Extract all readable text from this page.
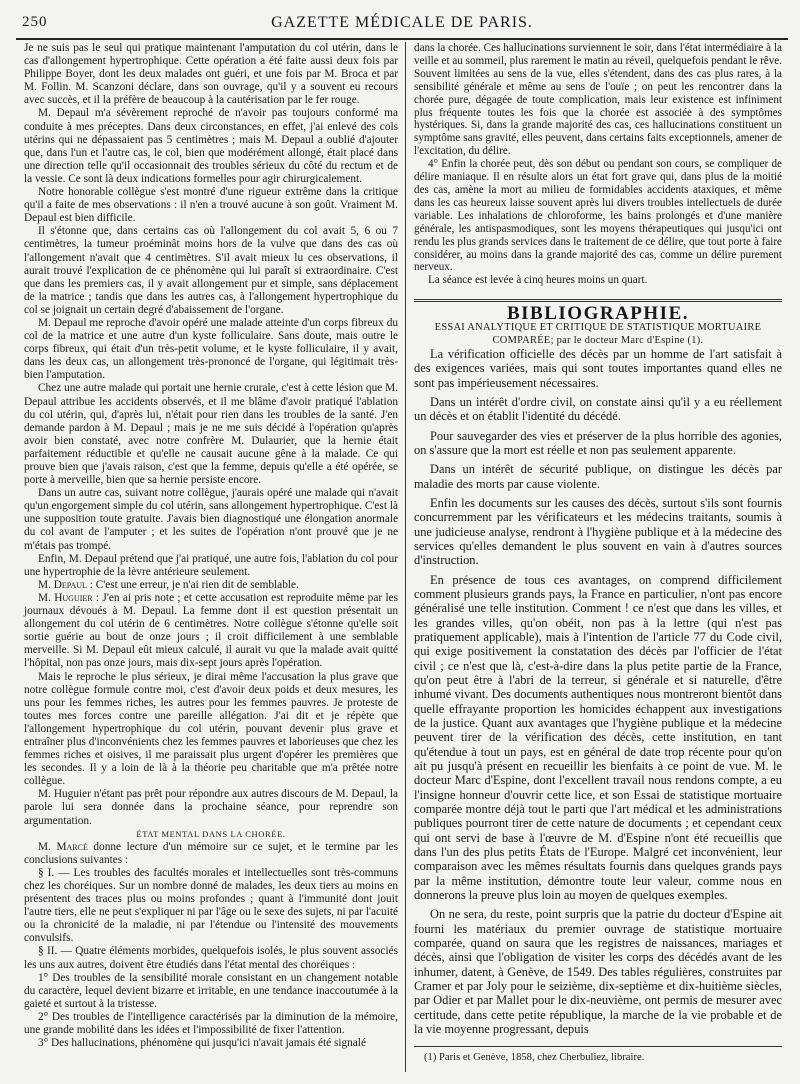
250	GAZETTE MÉDICALE DE PARIS.

Je ne suis pas le seul qui pratique maintenant l'amputation du col utérin, dans le cas d'allongement hypertrophique. Cette opération a été faite aussi deux fois par Philippe Boyer, dont les deux malades ont guéri, et une fois par M. Broca et par M. Follin. M. Scanzoni déclare, dans son ouvrage, qu'il y a souvent eu recours avec succès, et il la préfère de beaucoup à la cautérisation par le fer rouge.

M. Depaul m'a sévèrement reproché de n'avoir pas toujours conformé ma conduite à mes préceptes. Dans deux circonstances, en effet, j'ai enlevé des cols utérins qui ne dépassaient pas 5 centimètres ; mais M. Depaul a oublié d'ajouter que, dans l'un et l'autre cas, le col, bien que modérément allongé, était placé dans une direction telle qu'il occasionnait des troubles sérieux du côté du rectum et de la vessie. Ce sont là deux indications formelles pour agir chirurgicalement.

Notre honorable collègue s'est montré d'une rigueur extrême dans la critique qu'il a faite de mes observations : il n'en a trouvé aucune à son goût. Vraiment M. Depaul est bien difficile.

Il s'étonne que, dans certains cas où l'allongement du col avait 5, 6 ou 7 centimètres, la tumeur proéminât moins hors de la vulve que dans des cas où l'allongement n'avait que 4 centimètres. S'il avait mieux lu ces observations, il aurait trouvé l'explication de ce phénomène qui lui paraît si extraordinaire. C'est que dans les premiers cas, il y avait allongement pur et simple, sans déplacement de la matrice ; tandis que dans les autres cas, à l'allongement hypertrophique du col se joignait un certain degré d'abaissement de l'organe.

M. Depaul me reproche d'avoir opéré une malade atteinte d'un corps fibreux du col de la matrice et une autre d'un kyste folliculaire. Sans doute, mais outre le corps fibreux, qui était d'un très-petit volume, et le kyste folliculaire, il y avait, dans les deux cas, un allongement très-prononcé de l'organe, qui légitimait très-bien l'amputation.

Chez une autre malade qui portait une hernie crurale, c'est à cette lésion que M. Depaul attribue les accidents observés, et il me blâme d'avoir pratiqué l'ablation du col utérin, qui, d'après lui, n'était pour rien dans les troubles de la santé. J'en demande pardon à M. Depaul ; mais je ne me suis décidé à l'opération qu'après avoir bien constaté, avec notre confrère M. Dulaurier, que la hernie était parfaitement réductible et qu'elle ne causait aucune gêne à la malade. Ce qui prouve bien que j'avais raison, c'est que la femme, depuis qu'elle a été opérée, se porte à merveille, bien que sa hernie persiste encore.

Dans un autre cas, suivant notre collègue, j'aurais opéré une malade qui n'avait qu'un engorgement simple du col utérin, sans allongement hypertrophique. C'est là une supposition toute gratuite. J'avais bien diagnostiqué une élongation anormale du col avant de l'amputer ; et les suites de l'opération n'ont prouvé que je ne m'étais pas trompé.

Enfin, M. Depaul prétend que j'ai pratiqué, une autre fois, l'ablation du col pour une hypertrophie de la lèvre antérieure seulement.

M. Depaul : C'est une erreur, je n'ai rien dit de semblable.

M. Huguier : J'en ai pris note ; et cette accusation est reproduite même par les journaux dévoués à M. Depaul. La femme dont il est question présentait un allongement du col utérin de 6 centimètres. Notre collègue s'étonne qu'elle soit sortie guérie au bout de onze jours ; il croit difficilement à une semblable merveille. Si M. Depaul eût mieux calculé, il aurait vu que la malade avait quitté l'hôpital, non pas onze jours, mais dix-sept jours après l'opération.

Mais le reproche le plus sérieux, je dirai même l'accusation la plus grave que notre collègue formule contre moi, c'est d'avoir deux poids et deux mesures, les uns pour les femmes riches, les autres pour les femmes pauvres. Je proteste de toutes mes forces contre une pareille allégation. J'ai dit et je répète que l'allongement hypertrophique du col utérin, pouvant devenir plus grave et entraîner plus d'inconvénients chez les femmes pauvres et laborieuses que chez les femmes riches et oisives, il me paraissait plus urgent d'opérer les premières que les secondes. Il y a loin de là à la théorie peu charitable que m'a prêtée notre collègue.

M. Huguier n'étant pas prêt pour répondre aux autres discours de M. Depaul, la parole lui sera donnée dans la prochaine séance, pour reprendre son argumentation.

ÉTAT MENTAL DANS LA CHORÉE.

M. Marcé donne lecture d'un mémoire sur ce sujet, et le termine par les conclusions suivantes :

§ I. — Les troubles des facultés morales et intellectuelles sont très-communs chez les choréiques. Sur un nombre donné de malades, les deux tiers au moins en présentent des traces plus ou moins profondes ; quant à l'immunité dont jouit l'autre tiers, elle ne peut s'expliquer ni par l'âge ou le sexe des sujets, ni par l'acuité ou la chronicité de la maladie, ni par l'étendue ou l'intensité des mouvements convulsifs.

§ II. — Quatre éléments morbides, quelquefois isolés, le plus souvent associés les uns aux autres, doivent être étudiés dans l'état mental des choréiques :

1° Des troubles de la sensibilité morale consistant en un changement notable du caractère, lequel devient bizarre et irritable, en une tendance inaccoutumée à la gaieté et surtout à la tristesse.

2° Des troubles de l'intelligence caractérisés par la diminution de la mémoire, une grande mobilité dans les idées et l'impossibilité de fixer l'attention.

3° Des hallucinations, phénomène qui jusqu'ici n'avait jamais été signalé

dans la chorée. Ces hallucinations surviennent le soir, dans l'état intermédiaire à la veille et au sommeil, plus rarement le matin au réveil, quelquefois pendant le rêve. Souvent limitées au sens de la vue, elles s'étendent, dans des cas plus rares, à la sensibilité générale et même au sens de l'ouïe ; on peut les rencontrer dans la chorée pure, dégagée de toute complication, mais leur existence est infiniment plus fréquente toutes les fois que la chorée est associée à des symptômes hystériques. Si, dans la grande majorité des cas, ces hallucinations constituent un symptôme sans gravité, elles peuvent, dans certains faits exceptionnels, amener de l'excitation, du délire.

4° Enfin la chorée peut, dès son début ou pendant son cours, se compliquer de délire maniaque. Il en résulte alors un état fort grave qui, dans plus de la moitié des cas, amène la mort au milieu de formidables accidents ataxiques, et même dans les cas heureux laisse souvent après lui divers troubles intellectuels de durée variable. Les inhalations de chloroforme, les bains prolongés et d'une manière générale, les antispasmodiques, sont les moyens thérapeutiques qui jusqu'ici ont rendu les plus grands services dans le traitement de ce délire, que tout porte à faire considérer, au moins dans la grande majorité des cas, comme un délire purement nerveux.

La séance est levée à cinq heures moins un quart.

BIBLIOGRAPHIE.

ESSAI ANALYTIQUE ET CRITIQUE DE STATISTIQUE MORTUAIRE COMPARÉE; par le docteur Marc d'Espine (1).

La vérification officielle des décès par un homme de l'art satisfait à des exigences variées, mais qui sont toutes importantes quand elles ne sont pas impérieusement nécessaires.

Dans un intérêt d'ordre civil, on constate ainsi qu'il y a eu réellement un décès et on établit l'identité du décédé.

Pour sauvegarder des vies et préserver de la plus horrible des agonies, on s'assure que la mort est réelle et non pas seulement apparente.

Dans un intérêt de sécurité publique, on distingue les décès par maladie des morts par cause violente.

Enfin les documents sur les causes des décès, surtout s'ils sont fournis concurremment par les vérificateurs et les médecins traitants, soumis à une judicieuse analyse, rendront à l'hygiène publique et à la médecine des services qu'elles demandent le plus souvent en vain à d'autres sources d'instruction.

En présence de tous ces avantages, on comprend difficilement comment plusieurs grands pays, la France en particulier, n'ont pas encore généralisé une telle institution. Comment ! ce n'est que dans les villes, et les grandes villes, qu'on obéit, non pas à la lettre (qui n'est pas pratiquement applicable), mais à l'intention de l'article 77 du Code civil, qui exige positivement la constatation des décès par l'officier de l'état civil ; ce n'est que là, c'est-à-dire dans la plus petite partie de la France, qu'on peut être à l'abri de la terreur, si générale et si naturelle, d'être inhumé vivant. Des documents authentiques nous montreront bientôt dans quelle effrayante proportion les homicides échappent aux investigations de la justice. Quant aux avantages que l'hygiène publique et la médecine peuvent tirer de la vérification des décès, cette institution, en tant qu'étendue à tout un pays, est en général de date trop récente pour qu'on ait pu jusqu'à présent en recueillir les bienfaits à ce point de vue. M. le docteur Marc d'Espine, dont l'excellent travail nous rendons compte, a eu l'insigne honneur d'ouvrir cette lice, et son Essai de statistique mortuaire comparée montre déjà tout le parti que l'art médical et les administrations publiques pourront tirer de cette nature de documents ; et cependant ceux qui ont servi de base à l'œuvre de M. d'Espine n'ont été recueillis que dans l'un des plus petits États de l'Europe. Malgré cet inconvénient, leur comparaison avec les mêmes résultats fournis dans quelques grands pays par la même institution, démontre toute leur valeur, comme nous en donnerons la preuve plus loin au moyen de quelques exemples.

On ne sera, du reste, point surpris que la patrie du docteur d'Espine ait fourni les matériaux du premier ouvrage de statistique mortuaire comparée, quand on saura que les registres de naissances, mariages et décès, ainsi que l'obligation de visiter les corps des décédés avant de les inhumer, datent, à Genève, de 1549. Des tables régulières, construites par Cramer et par Joly pour le seizième, dix-septième et dix-huitième siècles, par Odier et par Mallet pour le dix-neuvième, ont permis de mesurer avec certitude, dans cette petite république, la marche de la vie probable et de la vie moyenne progressant, depuis

(1) Paris et Genève, 1858, chez Cherbuliez, libraire.
